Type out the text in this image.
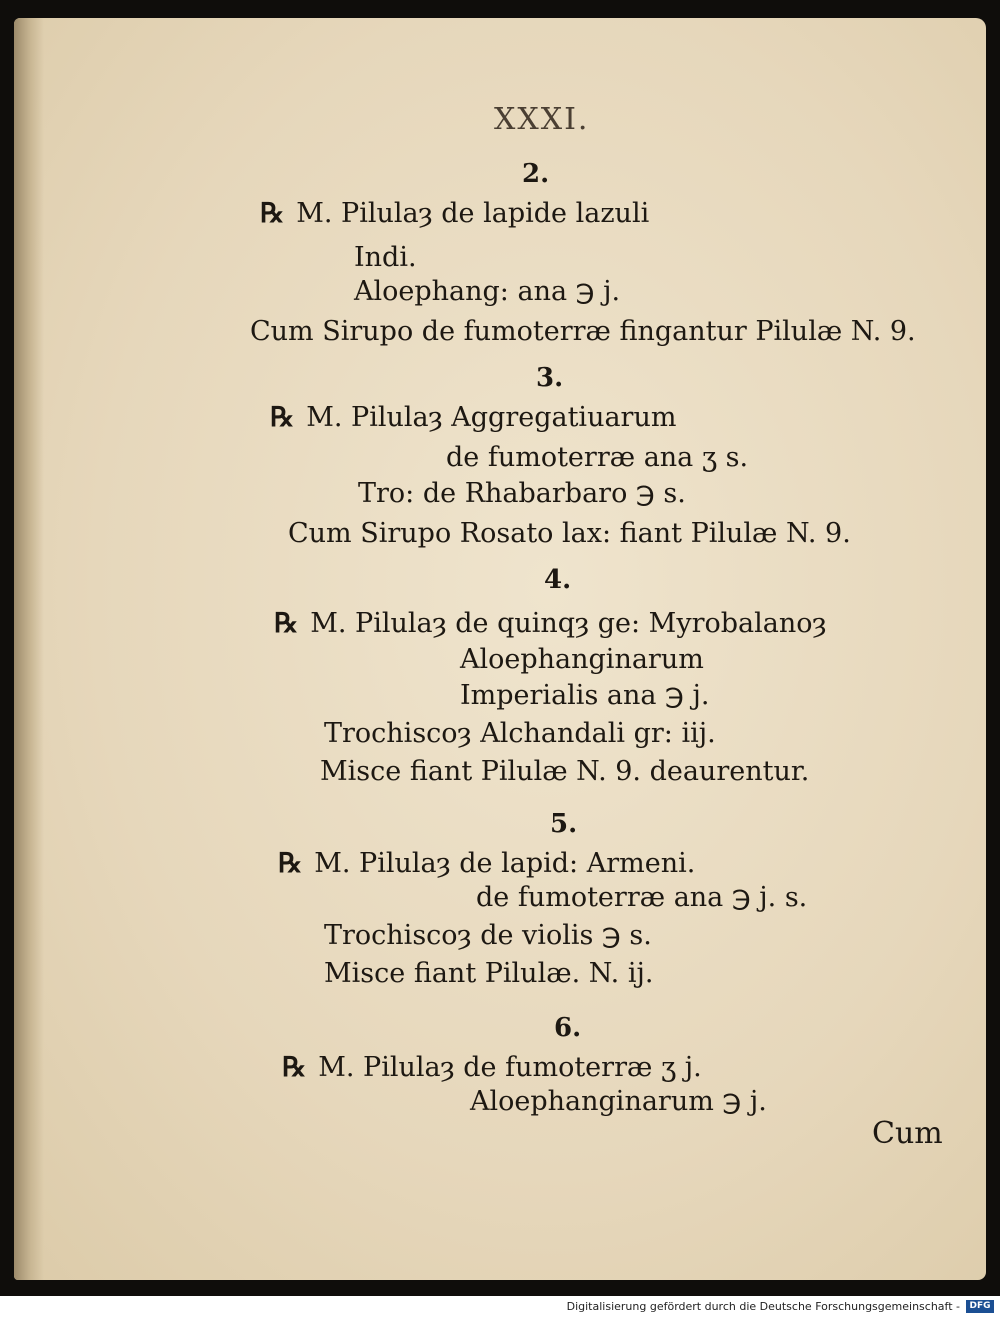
XXXI.
2.
℞ M. Pilulaȝ de lapide lazuli
Indi.
Aloephang: ana ℈ j.
Cum Sirupo de fumoterræ fingantur Pilulæ N. 9.
3.
℞ M. Pilulaȝ Aggregatiuarum
de fumoterræ ana ʒ s.
Tro: de Rhabarbaro ℈ s.
Cum Sirupo Rosato lax: fiant Pilulæ N. 9.
4.
℞ M. Pilulaȝ de quinqȝ ge: Myrobalanoȝ
Aloephanginarum
Imperialis ana ℈ j.
Trochiscoȝ Alchandali gr: iij.
Misce fiant Pilulæ N. 9. deaurentur.
5.
℞ M. Pilulaȝ de lapid: Armeni.
de fumoterræ ana ℈ j. s.
Trochiscoȝ de violis ℈ s.
Misce fiant Pilulæ. N. ij.
6.
℞ M. Pilulaȝ de fumoterræ ʒ j.
Aloephanginarum ℈ j.
Cum
Digitalisierung gefördert durch die Deutsche Forschungsgemeinschaft -	DFG
